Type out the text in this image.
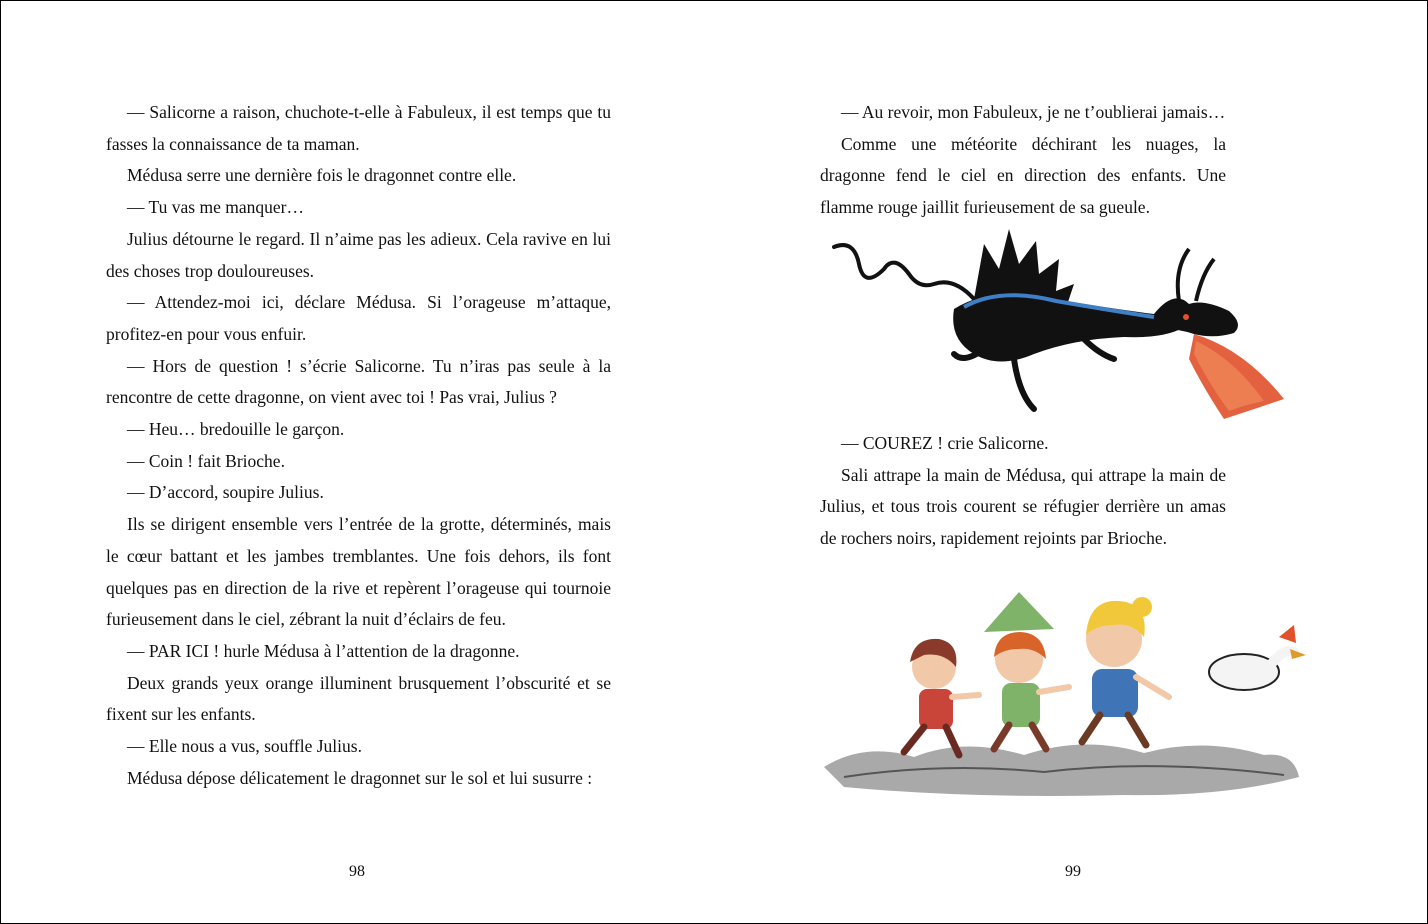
— Salicorne a raison, chuchote-t-elle à Fabuleux, il est temps que tu fasses la connaissance de ta maman.

Médusa serre une dernière fois le dragonnet contre elle.

— Tu vas me manquer…

Julius détourne le regard. Il n’aime pas les adieux. Cela ravive en lui des choses trop douloureuses.

— Attendez-moi ici, déclare Médusa. Si l’orageuse m’attaque, profitez-en pour vous enfuir.

— Hors de question ! s’écrie Salicorne. Tu n’iras pas seule à la rencontre de cette dragonne, on vient avec toi ! Pas vrai, Julius ?

— Heu… bredouille le garçon.

— Coin ! fait Brioche.

— D’accord, soupire Julius.

Ils se dirigent ensemble vers l’entrée de la grotte, déterminés, mais le cœur battant et les jambes tremblantes. Une fois dehors, ils font quelques pas en direction de la rive et repèrent l’orageuse qui tournoie furieusement dans le ciel, zébrant la nuit d’éclairs de feu.

— PAR ICI ! hurle Médusa à l’attention de la dragonne.

Deux grands yeux orange illuminent brusquement l’obscurité et se fixent sur les enfants.

— Elle nous a vus, souffle Julius.

Médusa dépose délicatement le dragonnet sur le sol et lui susurre :

98

— Au revoir, mon Fabuleux, je ne t’oublierai jamais…

Comme une météorite déchirant les nuages, la dragonne fend le ciel en direction des enfants. Une flamme rouge jaillit furieusement de sa gueule.

— COUREZ ! crie Salicorne.

Sali attrape la main de Médusa, qui attrape la main de Julius, et tous trois courent se réfugier derrière un amas de rochers noirs, rapidement rejoints par Brioche.

99
